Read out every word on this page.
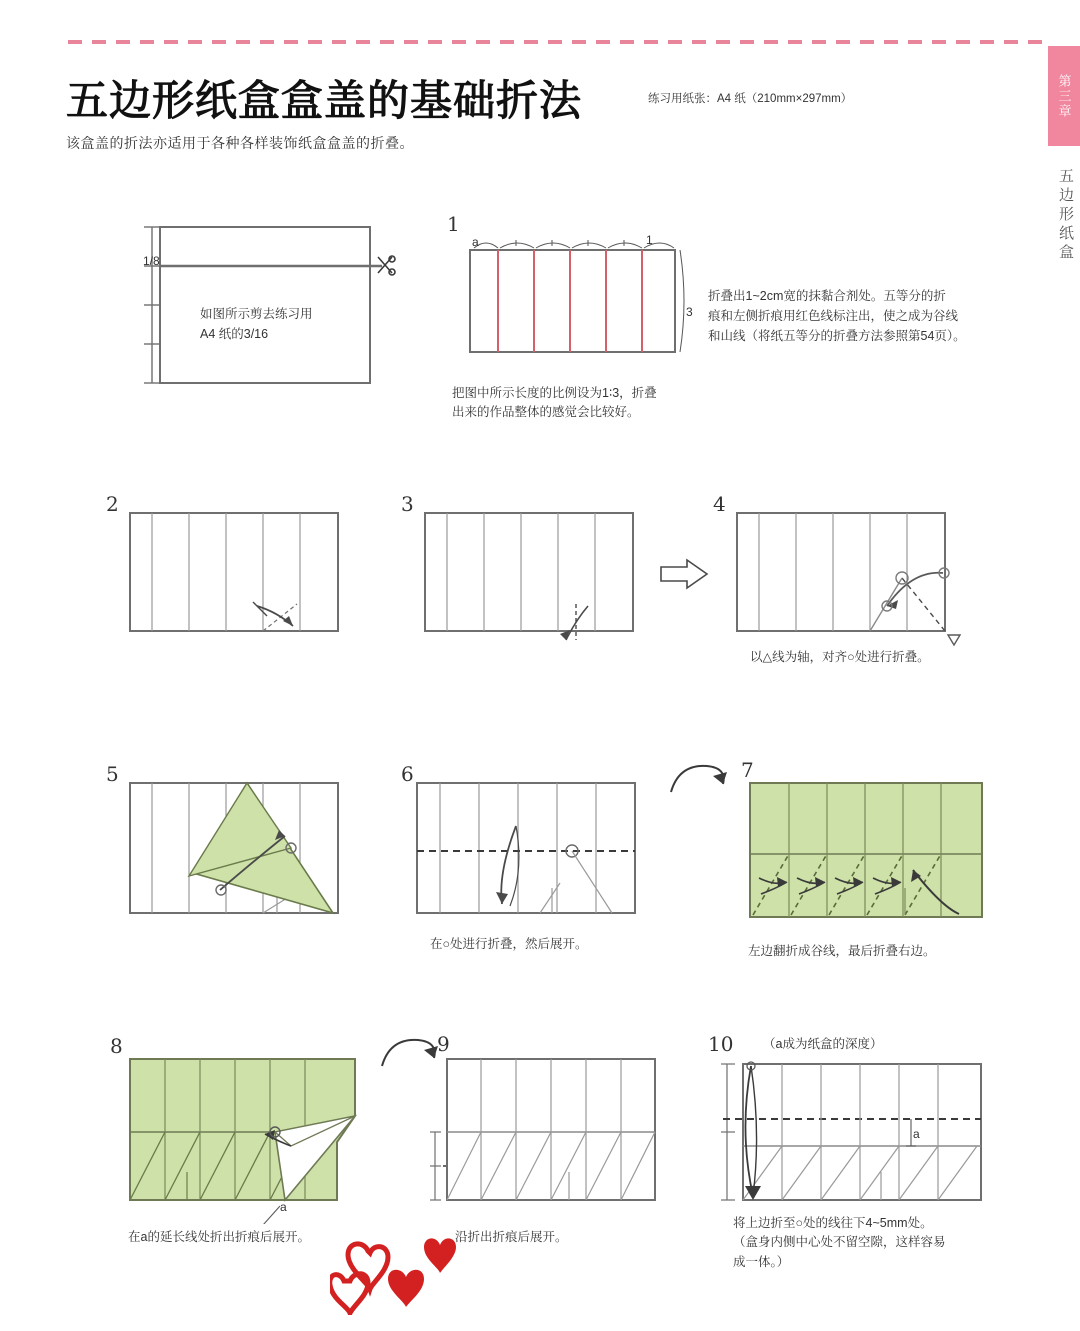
第三章
五边形纸盒
五边形纸盒盒盖的基础折法	练习用纸张：A4 纸（210mm×297mm）
该盒盖的折法亦适用于各种各样装饰纸盒盒盖的折叠。
1/8
如图所示剪去练习用
A4 纸的3/16
1
a	1
3
折叠出1~2cm宽的抹黏合剂处。五等分的折
痕和左侧折痕用红色线标注出，使之成为谷线
和山线（将纸五等分的折叠方法参照第54页）。
把图中所示长度的比例设为1∶3，折叠
出来的作品整体的感觉会比较好。
2	3	4
以△线为轴，对齐○处进行折叠。
5	6
在○处进行折叠，然后展开。
7
左边翻折成谷线，最后折叠右边。
8
a
在a的延长线处折出折痕后展开。
9
沿折出折痕后展开。
10 （a成为纸盒的深度）
a
将上边折至○处的线往下4~5mm处。
（盒身内侧中心处不留空隙，这样容易
成一体。）
